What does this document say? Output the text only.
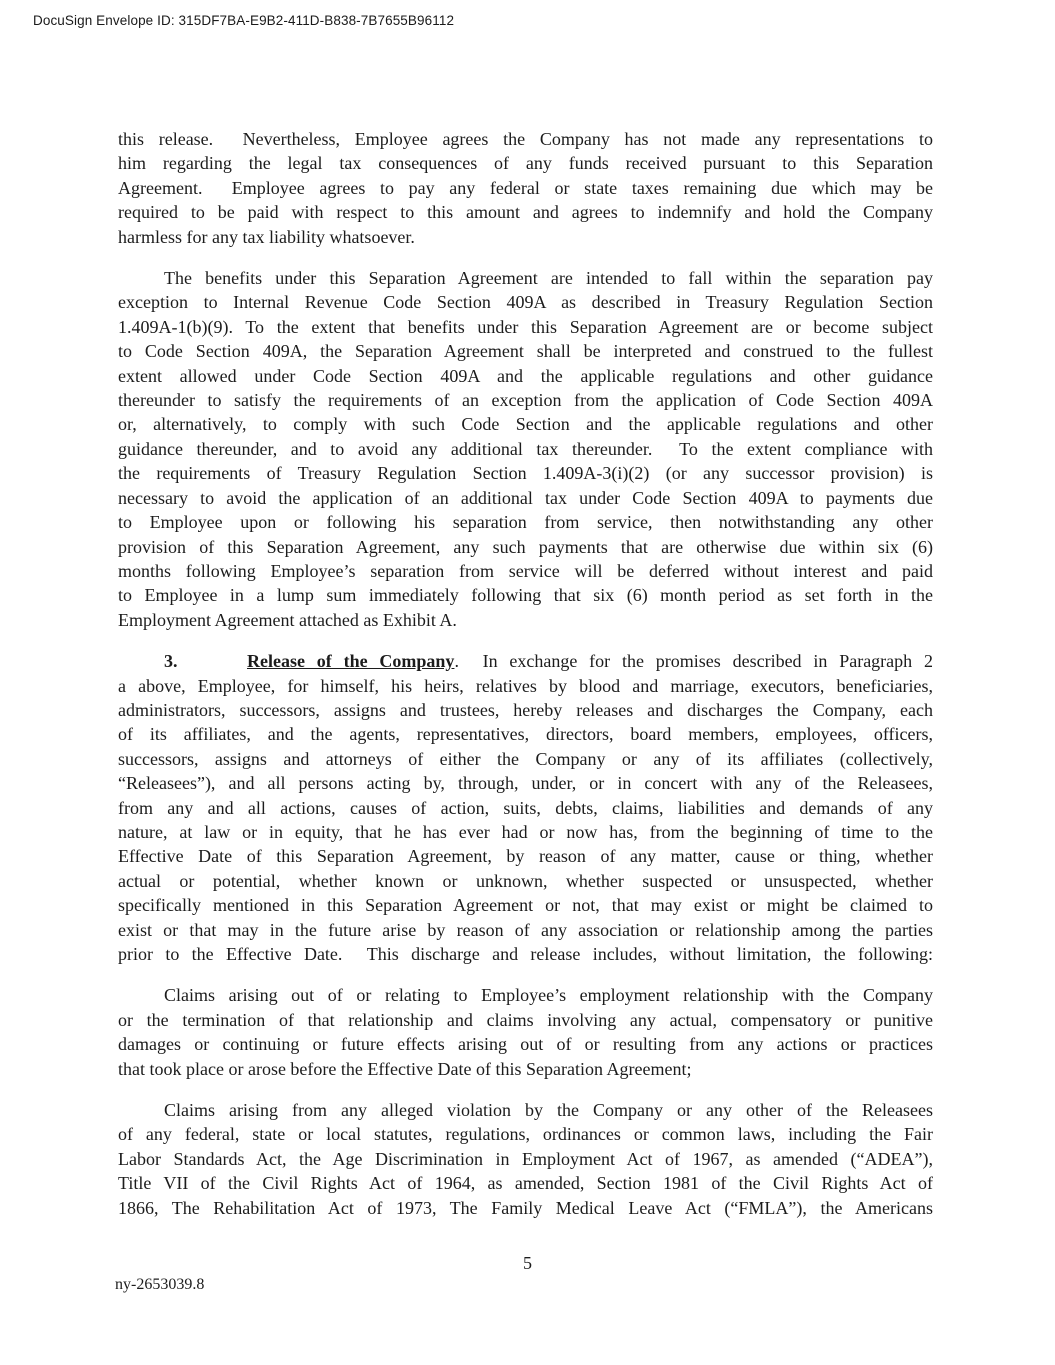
DocuSign Envelope ID: 315DF7BA-E9B2-411D-B838-7B7655B96112
this release.  Nevertheless, Employee agrees the Company has not made any representations to
him regarding the legal tax consequences of any funds received pursuant to this Separation
Agreement.  Employee agrees to pay any federal or state taxes remaining due which may be
required to be paid with respect to this amount and agrees to indemnify and hold the Company
harmless for any tax liability whatsoever.
The benefits under this Separation Agreement are intended to fall within the separation pay
exception to Internal Revenue Code Section 409A as described in Treasury Regulation Section
1.409A-1(b)(9). To the extent that benefits under this Separation Agreement are or become subject
to Code Section 409A, the Separation Agreement shall be interpreted and construed to the fullest
extent allowed under Code Section 409A and the applicable regulations and other guidance
thereunder to satisfy the requirements of an exception from the application of Code Section 409A
or, alternatively, to comply with such Code Section and the applicable regulations and other
guidance thereunder, and to avoid any additional tax thereunder.  To the extent compliance with
the requirements of Treasury Regulation Section 1.409A-3(i)(2) (or any successor provision) is
necessary to avoid the application of an additional tax under Code Section 409A to payments due
to Employee upon or following his separation from service, then notwithstanding any other
provision of this Separation Agreement, any such payments that are otherwise due within six (6)
months following Employee’s separation from service will be deferred without interest and paid
to Employee in a lump sum immediately following that six (6) month period as set forth in the
Employment Agreement attached as Exhibit A.
3.	Release of the Company.  In exchange for the promises described in Paragraph 2
a above, Employee, for himself, his heirs, relatives by blood and marriage, executors, beneficiaries,
administrators, successors, assigns and trustees, hereby releases and discharges the Company, each
of its affiliates, and the agents, representatives, directors, board members, employees, officers,
successors, assigns and attorneys of either the Company or any of its affiliates (collectively,
“Releasees”), and all persons acting by, through, under, or in concert with any of the Releasees,
from any and all actions, causes of action, suits, debts, claims, liabilities and demands of any
nature, at law or in equity, that he has ever had or now has, from the beginning of time to the
Effective Date of this Separation Agreement, by reason of any matter, cause or thing, whether
actual or potential, whether known or unknown, whether suspected or unsuspected, whether
specifically mentioned in this Separation Agreement or not, that may exist or might be claimed to
exist or that may in the future arise by reason of any association or relationship among the parties
prior to the Effective Date.  This discharge and release includes, without limitation, the following:
Claims arising out of or relating to Employee’s employment relationship with the Company
or the termination of that relationship and claims involving any actual, compensatory or punitive
damages or continuing or future effects arising out of or resulting from any actions or practices
that took place or arose before the Effective Date of this Separation Agreement;
Claims arising from any alleged violation by the Company or any other of the Releasees
of any federal, state or local statutes, regulations, ordinances or common laws, including the Fair
Labor Standards Act, the Age Discrimination in Employment Act of 1967, as amended (“ADEA”),
Title VII of the Civil Rights Act of 1964, as amended, Section 1981 of the Civil Rights Act of
1866, The Rehabilitation Act of 1973, The Family Medical Leave Act (“FMLA”), the Americans
5
ny-2653039.8
